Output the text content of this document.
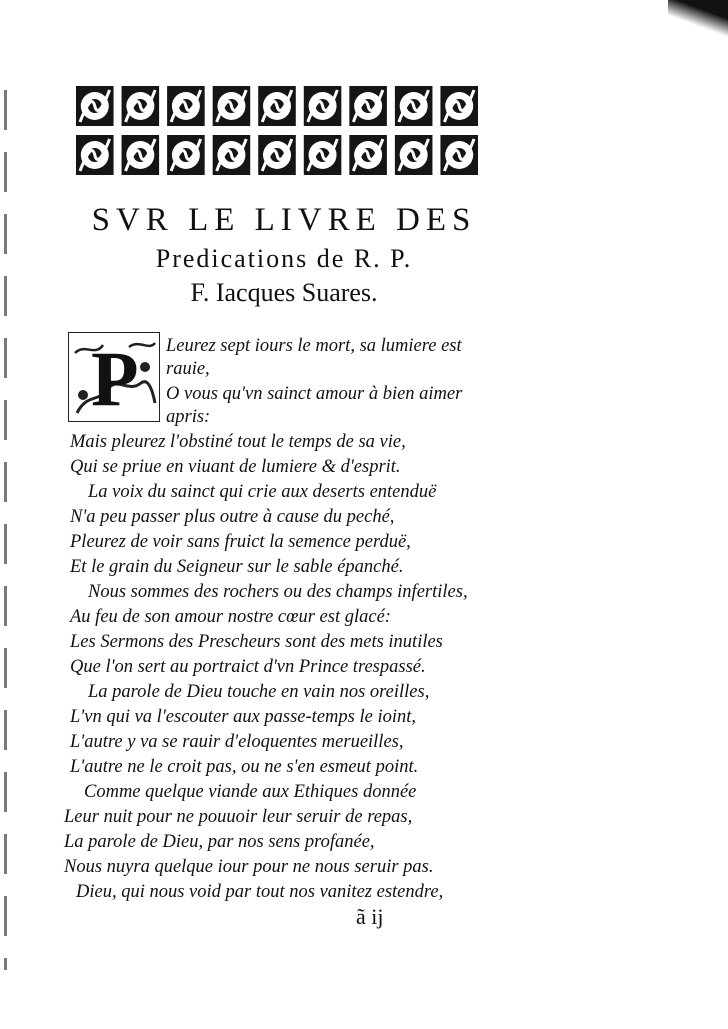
SVR LE LIVRE DES
Predications de R. P.
F. Iacques Suares.
P Leurez sept iours le mort, sa lumiere est
rauie,
O vous qu'vn sainct amour à bien aimer
apris:
Mais pleurez l'obstiné tout le temps de sa vie,
Qui se priue en viuant de lumiere & d'esprit.
La voix du sainct qui crie aux deserts entenduë
N'a peu passer plus outre à cause du peché,
Pleurez de voir sans fruict la semence perduë,
Et le grain du Seigneur sur le sable épanché.
Nous sommes des rochers ou des champs infertiles,
Au feu de son amour nostre cœur est glacé:
Les Sermons des Prescheurs sont des mets inutiles
Que l'on sert au portraict d'vn Prince trespassé.
La parole de Dieu touche en vain nos oreilles,
L'vn qui va l'escouter aux passe-temps le ioint,
L'autre y va se rauir d'eloquentes merueilles,
L'autre ne le croit pas, ou ne s'en esmeut point.
Comme quelque viande aux Ethiques donnée
Leur nuit pour ne pouuoir leur seruir de repas,
La parole de Dieu, par nos sens profanée,
Nous nuyra quelque iour pour ne nous seruir pas.
Dieu, qui nous void par tout nos vanitez estendre,
ã ij
